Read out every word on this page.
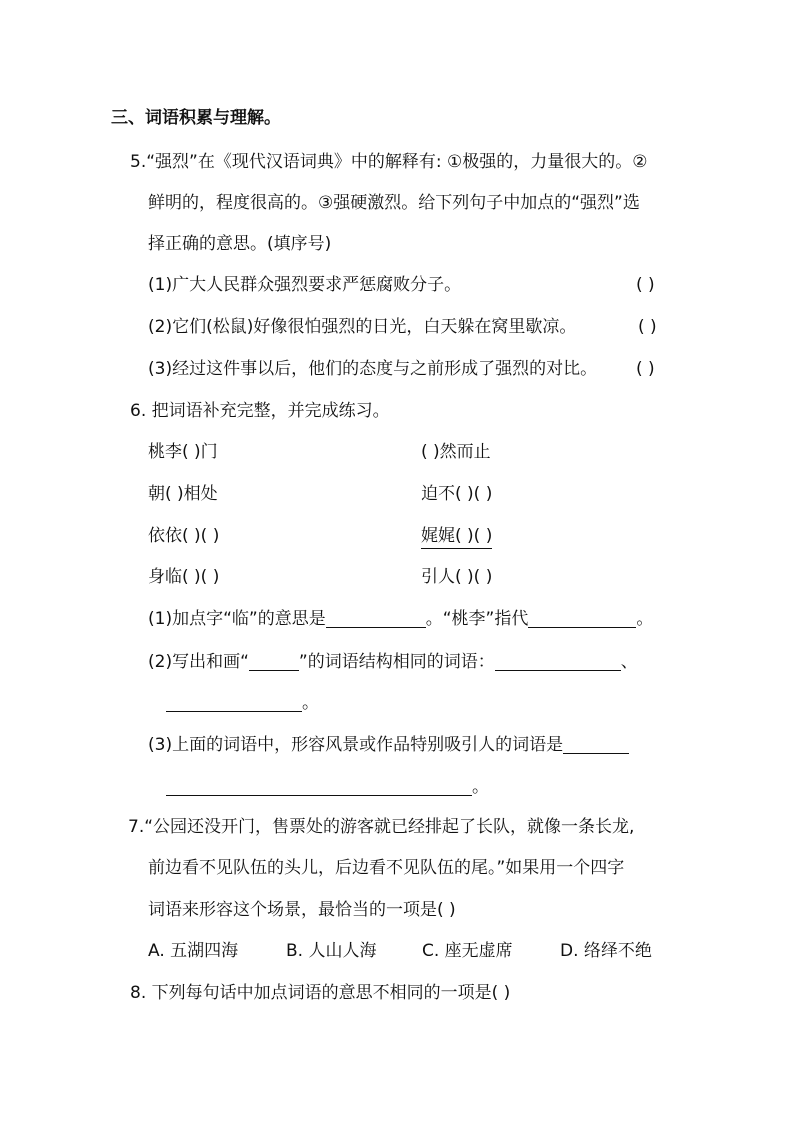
三、词语积累与理解。
5.“强烈”在《现代汉语词典》中的解释有: ①极强的，力量很大的。②
鲜明的，程度很高的。③强硬激烈。给下列句子中加点的“强烈”选
择正确的意思。(填序号)
(1)广大人民群众强烈要求严惩腐败分子。	( )
(2)它们(松鼠)好像很怕强烈的日光，白天躲在窝里歇凉。	( )
(3)经过这件事以后，他们的态度与之前形成了强烈的对比。 ( )
6. 把词语补充完整，并完成练习。
桃李( )门	( )然而止
朝( )相处	迫不( )( )
依依( )( )	娓娓( )( )
身临( )( )	引人( )( )
(1)加点字“临”的意思是	。“桃李”指代	。
(2)写出和画“	”的词语结构相同的词语：	、
。
(3)上面的词语中，形容风景或作品特别吸引人的词语是
。
7.“公园还没开门，售票处的游客就已经排起了长队，就像一条长龙,
前边看不见队伍的头儿，后边看不见队伍的尾。”如果用一个四字
词语来形容这个场景，最恰当的一项是( )
A. 五湖四海	B. 人山人海	C. 座无虚席	D. 络绎不绝
8. 下列每句话中加点词语的意思不相同的一项是( )
